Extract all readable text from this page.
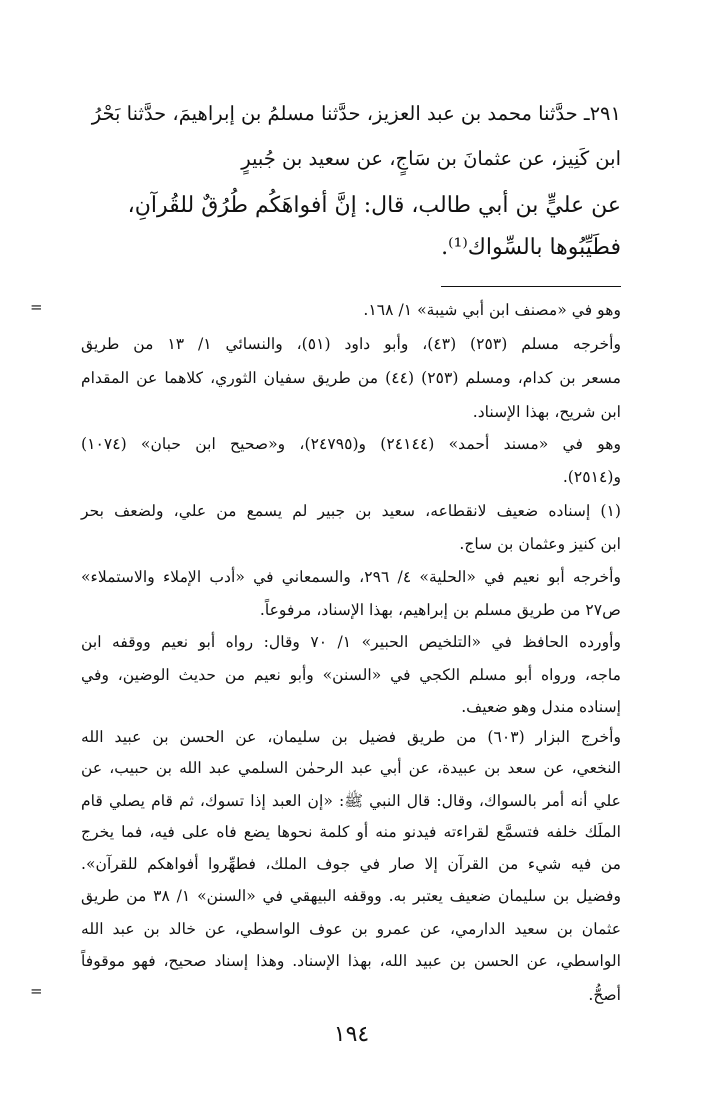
٢٩١ـ حدَّثنا محمد بن عبد العزيز، حدَّثنا مسلمُ بن إبراهيمَ، حدَّثنا بَحْرُ
ابن كَنِيز، عن عثمانَ بن سَاجٍ، عن سعيد بن جُبيرٍ
عن عليٍّ بن أبي طالب، قال: إنَّ أفواهَكُم طُرُقٌ للقُرآنِ،
فطَيِّبُوها بالسِّواك⁽¹⁾.
=
=
وهو في «مصنف ابن أبي شيبة» ١/ ١٦٨.
وأخرجه مسلم (٢٥٣) (٤٣)، وأبو داود (٥١)، والنسائي ١/ ١٣ من طريق
مسعر بن كدام، ومسلم (٢٥٣) (٤٤) من طريق سفيان الثوري، كلاهما عن المقدام
ابن شريح، بهذا الإسناد.
وهو في «مسند أحمد» (٢٤١٤٤) و(٢٤٧٩٥)، و«صحيح ابن حبان» (١٠٧٤)
و(٢٥١٤).
(١) إسناده ضعيف لانقطاعه، سعيد بن جبير لم يسمع من علي، ولضعف بحر
ابن كنيز وعثمان بن ساج.
وأخرجه أبو نعيم في «الحلية» ٤/ ٢٩٦، والسمعاني في «أدب الإملاء والاستملاء»
ص٢٧ من طريق مسلم بن إبراهيم، بهذا الإسناد، مرفوعاً.
وأورده الحافظ في «التلخيص الحبير» ١/ ٧٠ وقال: رواه أبو نعيم ووقفه ابن
ماجه، ورواه أبو مسلم الكجي في «السنن» وأبو نعيم من حديث الوضين، وفي
إسناده مندل وهو ضعيف.
وأخرج البزار (٦٠٣) من طريق فضيل بن سليمان، عن الحسن بن عبيد الله
النخعي، عن سعد بن عبيدة، عن أبي عبد الرحمٰن السلمي عبد الله بن حبيب، عن
علي أنه أمر بالسواك، وقال: قال النبي ﷺ: «إن العبد إذا تسوك، ثم قام يصلي قام
الملَك خلفه فتسمَّع لقراءته فيدنو منه أو كلمة نحوها يضع فاه على فيه، فما يخرج
من فيه شيء من القرآن إلا صار في جوف الملك، فطهِّروا أفواهكم للقرآن».
وفضيل بن سليمان ضعيف يعتبر به. ووقفه البيهقي في «السنن» ١/ ٣٨ من طريق
عثمان بن سعيد الدارمي، عن عمرو بن عوف الواسطي، عن خالد بن عبد الله
الواسطي، عن الحسن بن عبيد الله، بهذا الإسناد. وهذا إسناد صحيح، فهو موقوفاً
أصحُّ.
١٩٤
